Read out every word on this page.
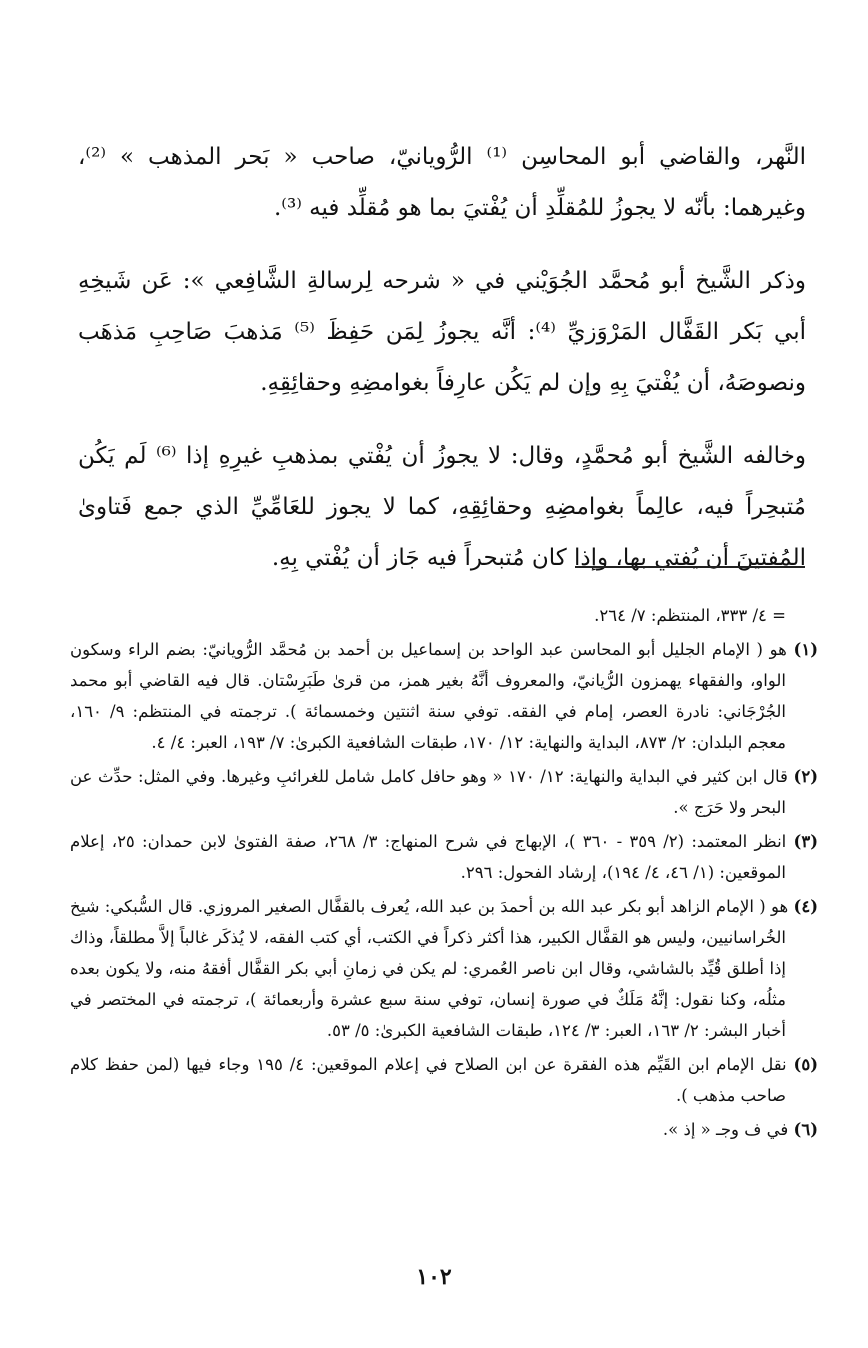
النَّهر، والقاضي أبو المحاسِن ⁽¹⁾ الرُّويانيّ، صاحب « بَحر المذهب » ⁽²⁾، وغيرهما: بأنّه لا يجوزُ للمُقلِّدِ أن يُفْتيَ بما هو مُقلِّد فيه ⁽³⁾.

وذكر الشَّيخ أبو مُحمَّد الجُوَيْني في « شرحه لِرسالةِ الشَّافِعي »: عَن شَيخِهِ أبي بَكر القَفَّال المَرْوَزيِّ ⁽⁴⁾: أنَّه يجوزُ لِمَن حَفِظَ ⁽⁵⁾ مَذهبَ صَاحِبِ مَذهَب ونصوصَهُ، أن يُفْتيَ بِهِ وإن لم يَكُن عارِفاً بغوامضِهِ وحقائِقِهِ.

وخالفه الشَّيخ أبو مُحمَّدٍ، وقال: لا يجوزُ أن يُفْتي بمذهبِ غيرِهِ إذا ⁽⁶⁾ لَم يَكُن مُتبحِراً فيه، عالِماً بغوامضِهِ وحقائِقِهِ، كما لا يجوز للعَامِّيِّ الذي جمع فَتاوىٰ المُفتينَ أن يُفتي بها، وإذا كان مُتبحراً فيه جَاز أن يُفْتي بِهِ.

= ٤/ ٣٣٣، المنتظم: ٧/ ٢٦٤.
(١) هو ( الإمام الجليل أبو المحاسن عبد الواحد بن إسماعيل بن أحمد بن مُحمَّد الرُّويانيّ: بضم الراء وسكون الواو، والفقهاء يهمزون الرُّيانيّ، والمعروف أنَّهُ بغير همز، من قرىٰ طَبَرِسْتان. قال فيه القاضي أبو محمد الجُرْجَاني: نادرة العصر، إمام في الفقه. توفي سنة اثنتين وخمسمائة ). ترجمته في المنتظم: ٩/ ١٦٠، معجم البلدان: ٢/ ٨٧٣، البداية والنهاية: ١٢/ ١٧٠، طبقات الشافعية الكبرىٰ: ٧/ ١٩٣، العبر: ٤/ ٤.
(٢) قال ابن كثير في البداية والنهاية: ١٢/ ١٧٠ « وهو حافل كامل شامل للغرائبِ وغيرها. وفي المثل: حدِّث عن البحر ولا حَرَج ».
(٣) انظر المعتمد: (٢/ ٣٥٩ - ٣٦٠ )، الإبهاج في شرح المنهاج: ٣/ ٢٦٨، صفة الفتوىٰ لابن حمدان: ٢٥، إعلام الموقعين: (١/ ٤٦، ٤/ ١٩٤)، إرشاد الفحول: ٢٩٦.
(٤) هو ( الإمام الزاهد أبو بكر عبد الله بن أحمدَ بن عبد الله، يُعرف بالقفَّال الصغير المروزي. قال السُّبكي: شيخ الخُراسانيين، وليس هو القفَّال الكبير، هذا أكثر ذكراً في الكتب، أي كتب الفقه، لا يُذكَر غالباً إلاَّ مطلقاً، وذاك إذا أطلق قُيِّد بالشاشي، وقال ابن ناصر العُمري: لم يكن في زمانِ أبي بكر القفَّال أفقهُ منه، ولا يكون بعده مثلُه، وكنا نقول: إنَّهُ مَلَكٌ في صورة إنسان، توفي سنة سبع عشرة وأربعمائة )، ترجمته في المختصر في أخبار البشر: ٢/ ١٦٣، العبر: ٣/ ١٢٤، طبقات الشافعية الكبرىٰ: ٥/ ٥٣.
(٥) نقل الإمام ابن القَيِّم هذه الفقرة عن ابن الصلاح في إعلام الموقعين: ٤/ ١٩٥ وجاء فيها (لمن حفظ كلام صاحب مذهب ).
(٦) في ف وجـ « إذ ».
١٠٢
